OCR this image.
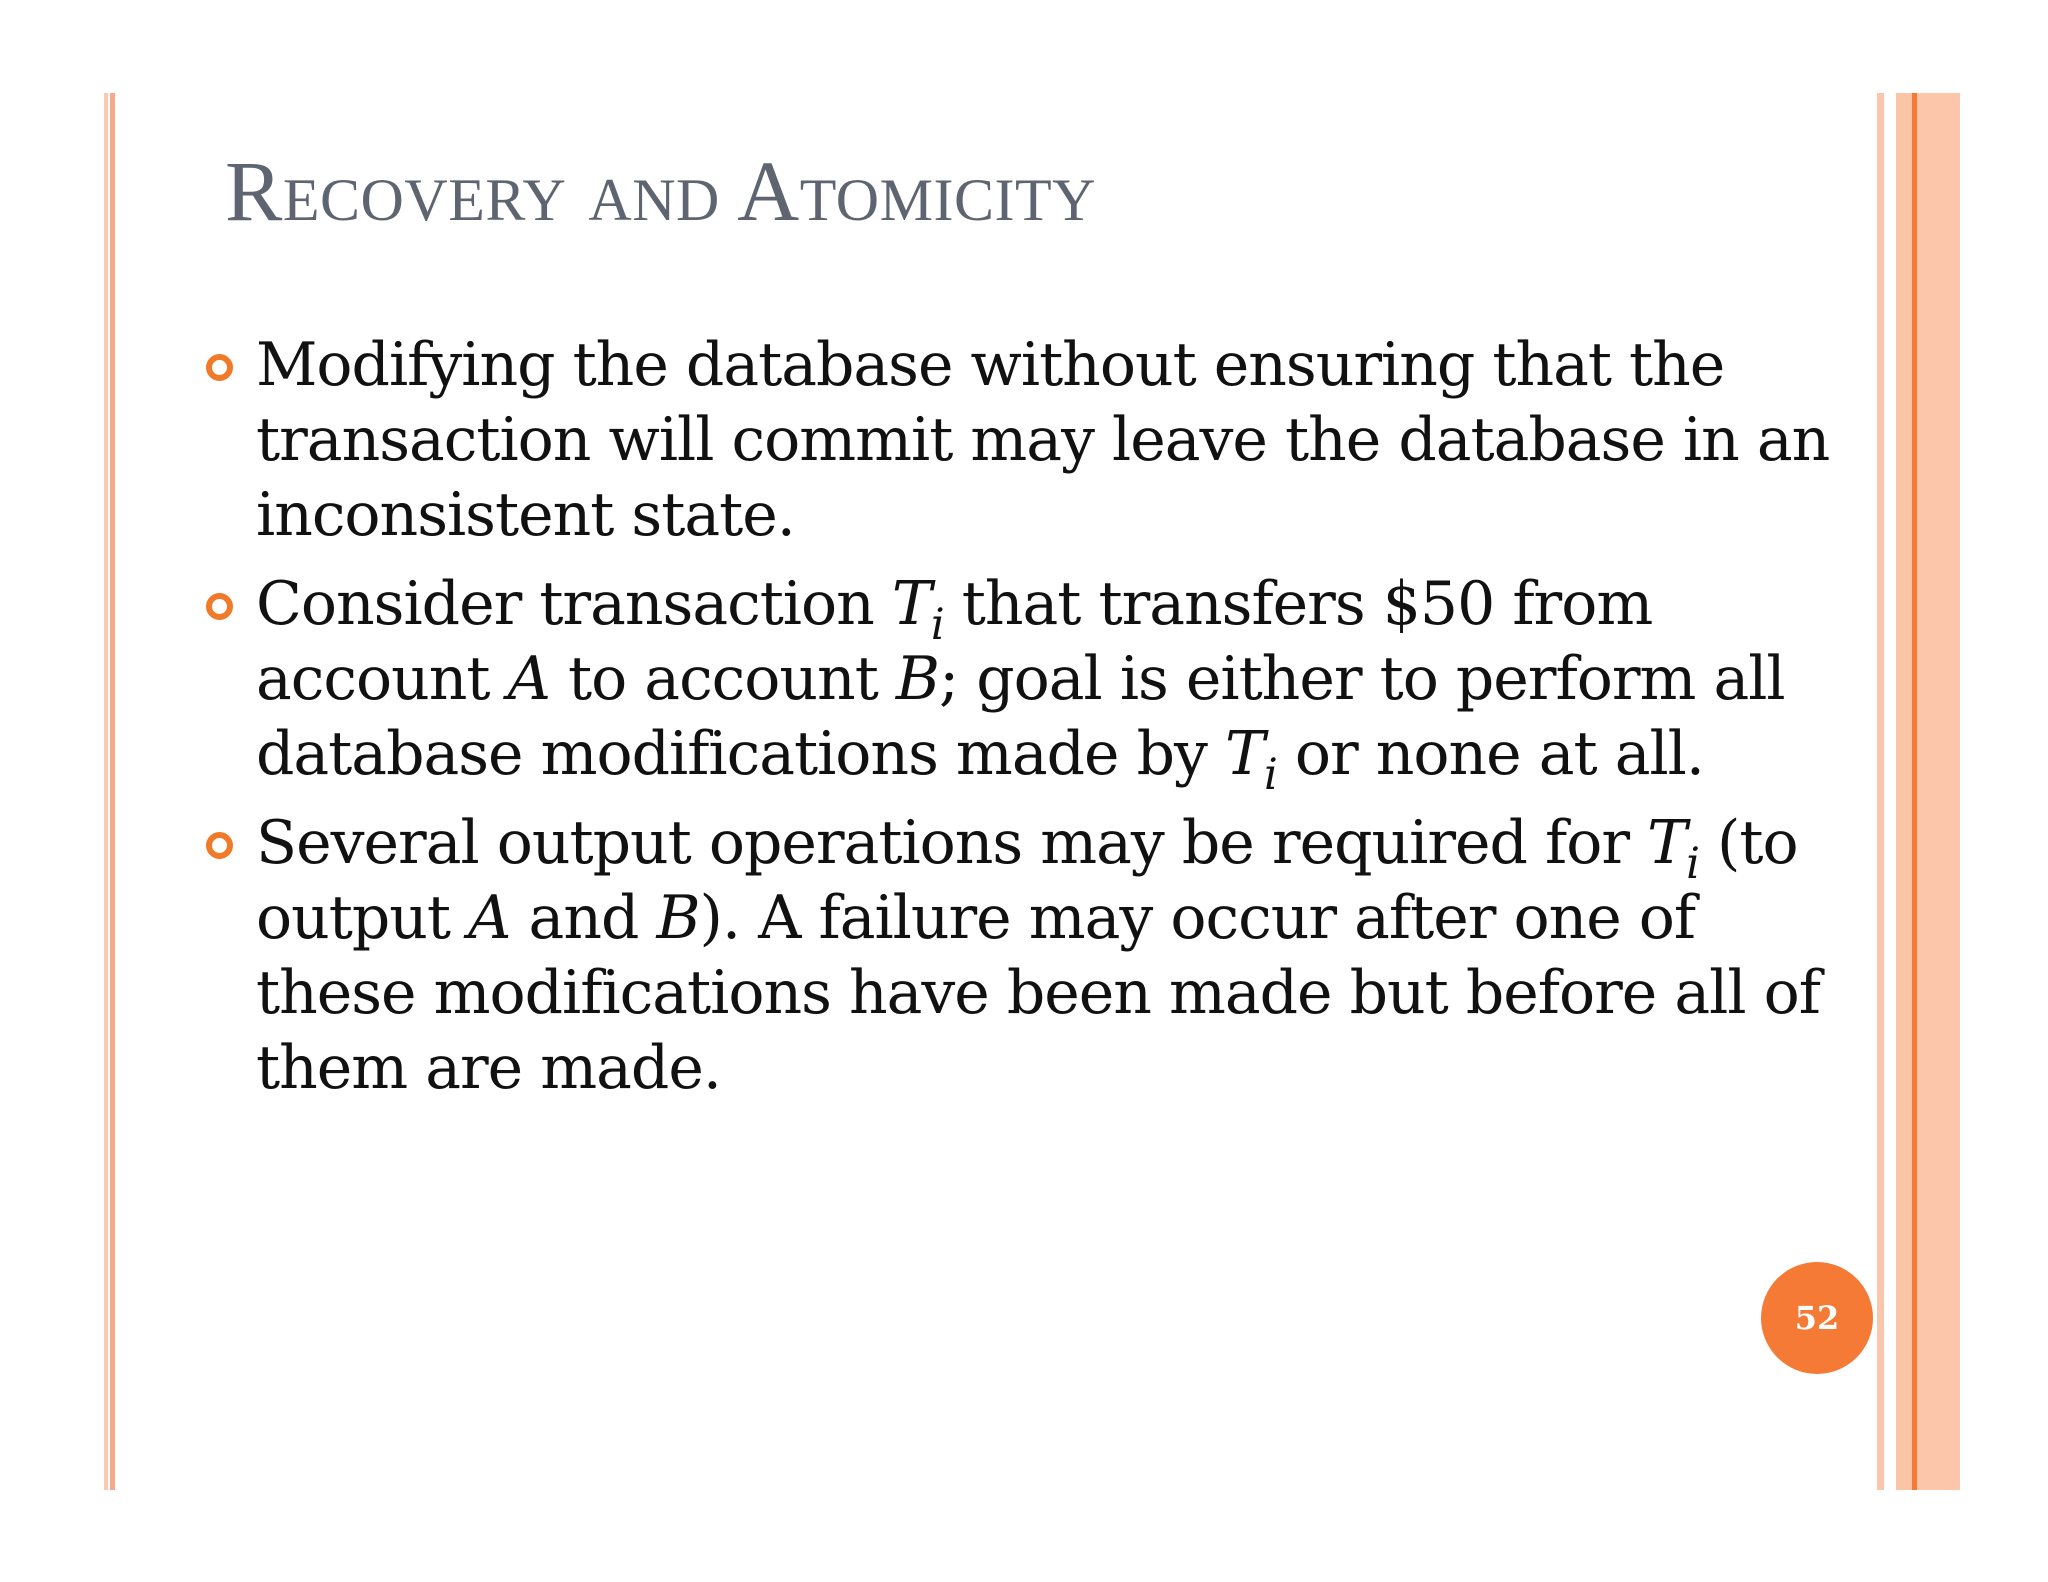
Recovery and Atomicity
Modifying the database without ensuring that the transaction will commit may leave the database in an inconsistent state.
Consider transaction $T_i$ that transfers $50 from account A to account B; goal is either to perform all database modifications made by $T_i$ or none at all.
Several output operations may be required for $T_i$ (to output A and B). A failure may occur after one of these modifications have been made but before all of them are made.
52
